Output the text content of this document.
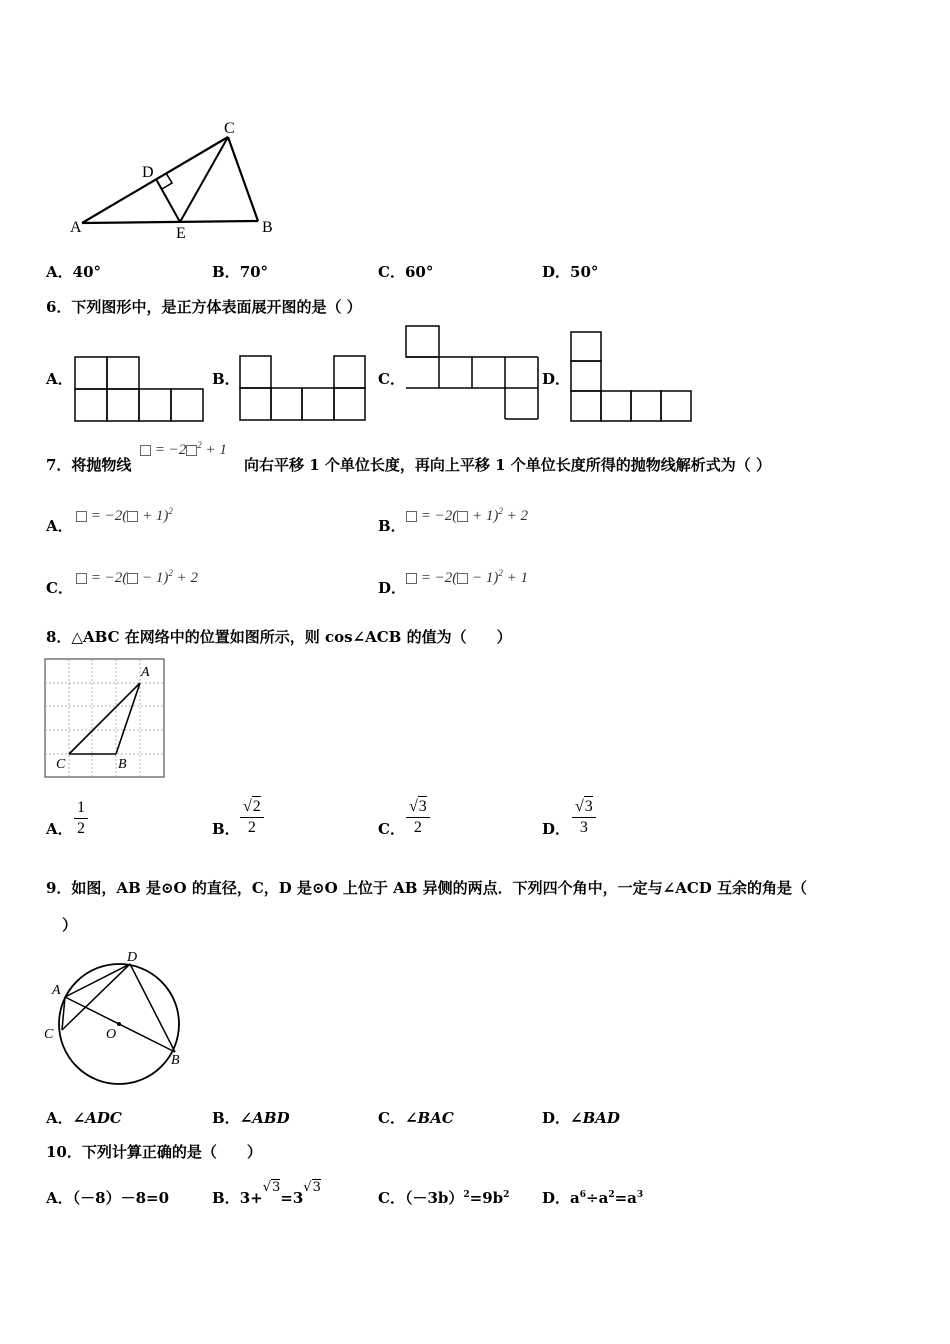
C
D
A	E	B
A．40°	B．70°	C．60°	D．50°
6．下列图形中，是正方体表面展开图的是（ ）
A．	B．	C．	D．
7．将抛物线
= −2 $^2$ + 1
向右平移 1 个单位长度，再向上平移 1 个单位长度所得的抛物线解析式为（ ）
A．
= $-2( + 1)^2$
B．
= $-2( + 1)^2 + 2$
C．
= $-2( - 1)^2 + 2$
D．
= $-2( - 1)^2 + 1$
8．△ABC 在网络中的位置如图所示，则 cos∠ACB 的值为（　　）
A
B
C
A． $\frac{1}{2}$	B． $\frac{√2}{2}$	C． $\frac{√3}{2}$	D． $\frac{√3}{3}$
9．如图，AB 是⊙O 的直径，C，D 是⊙O 上位于 AB 异侧的两点．下列四个角中，一定与∠ACD 互余的角是（
）
D
A
C	O
B
A．∠ADC	B．∠ABD	C．∠BAC	D．∠BAD
10．下列计算正确的是（　　）
A．（－8）－8=0	B．3+√3=3√3
C．$(-3b)^2=9b^2$ D．$a^6\div a^2=a^3$
